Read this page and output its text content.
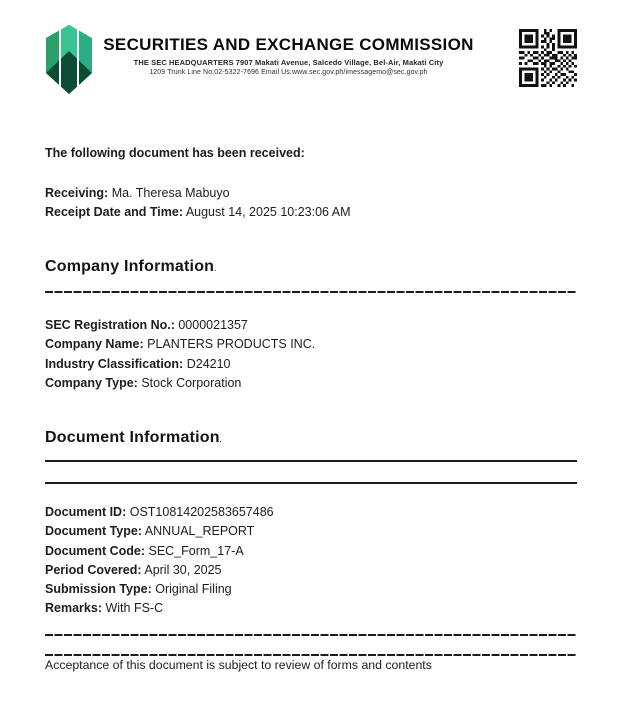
SECURITIES AND EXCHANGE COMMISSION
THE SEC HEADQUARTERS 7907 Makati Avenue, Salcedo Village, Bel-Air, Makati City
1209 Trunk Line No:02-5322-7696 Email Us:www.sec.gov.ph/imessagemo@sec.gov.ph
The following document has been received:
Receiving: Ma. Theresa Mabuyo
Receipt Date and Time: August 14, 2025 10:23:06 AM
Company Information.
SEC Registration No.: 0000021357
Company Name: PLANTERS PRODUCTS INC.
Industry Classification: D24210
Company Type: Stock Corporation
Document Information.
Document ID: OST10814202583657486
Document Type: ANNUAL_REPORT
Document Code: SEC_Form_17-A
Period Covered: April 30, 2025
Submission Type: Original Filing
Remarks: With FS-C
Acceptance of this document is subject to review of forms and contents
